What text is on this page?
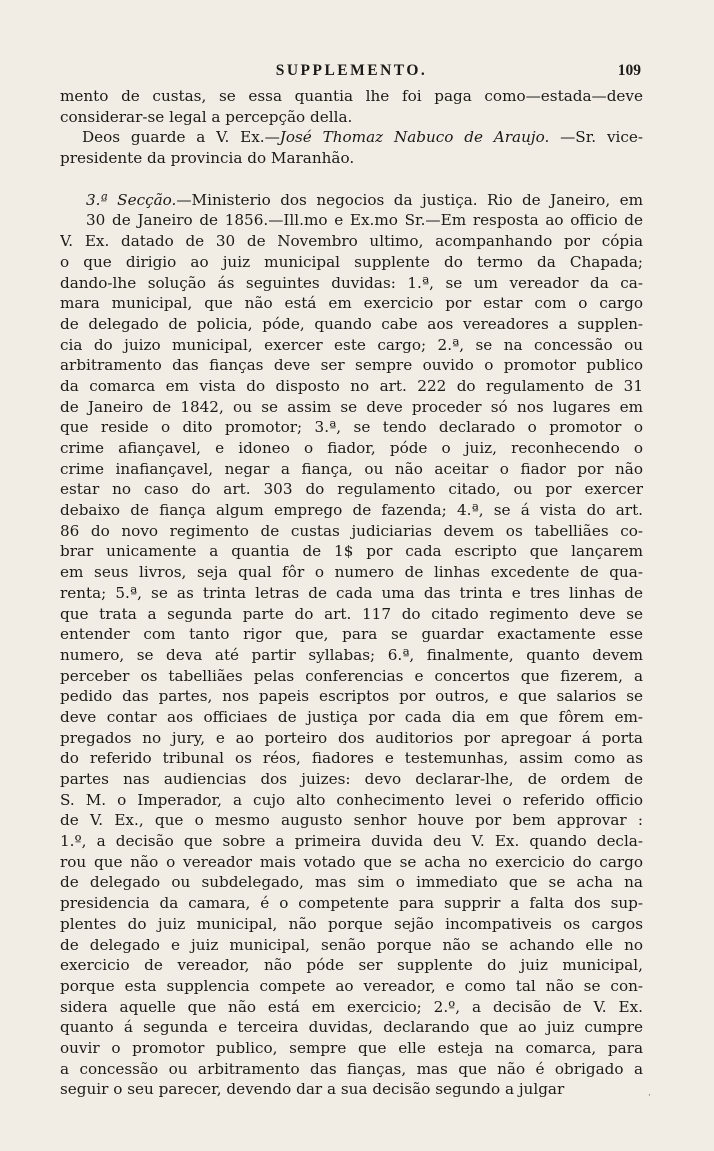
SUPPLEMENTO.	109
mento de custas, se essa quantia lhe foi paga como—estada—deve
considerar-se legal a percepção della.
Deos guarde a V. Ex.—José Thomaz Nabuco de Araujo. —Sr. vice-
presidente da provincia do Maranhão.
3.ª Secção.—Ministerio dos negocios da justiça. Rio de Janeiro, em
30 de Janeiro de 1856.—Ill.mo e Ex.mo Sr.—Em resposta ao officio de
V. Ex. datado de 30 de Novembro ultimo, acompanhando por cópia
o que dirigio ao juiz municipal supplente do termo da Chapada;
dando-lhe solução ás seguintes duvidas: 1.ª, se um vereador da ca-
mara municipal, que não está em exercicio por estar com o cargo
de delegado de policia, póde, quando cabe aos vereadores a supplen-
cia do juizo municipal, exercer este cargo; 2.ª, se na concessão ou
arbitramento das fianças deve ser sempre ouvido o promotor publico
da comarca em vista do disposto no art. 222 do regulamento de 31
de Janeiro de 1842, ou se assim se deve proceder só nos lugares em
que reside o dito promotor; 3.ª, se tendo declarado o promotor o
crime afiançavel, e idoneo o fiador, póde o juiz, reconhecendo o
crime inafiançavel, negar a fiança, ou não aceitar o fiador por não
estar no caso do art. 303 do regulamento citado, ou por exercer
debaixo de fiança algum emprego de fazenda; 4.ª, se á vista do art.
86 do novo regimento de custas judiciarias devem os tabelliães co-
brar unicamente a quantia de 1$ por cada escripto que lançarem
em seus livros, seja qual fôr o numero de linhas excedente de qua-
renta; 5.ª, se as trinta letras de cada uma das trinta e tres linhas de
que trata a segunda parte do art. 117 do citado regimento deve se
entender com tanto rigor que, para se guardar exactamente esse
numero, se deva até partir syllabas; 6.ª, finalmente, quanto devem
perceber os tabelliães pelas conferencias e concertos que fizerem, a
pedido das partes, nos papeis escriptos por outros, e que salarios se
deve contar aos officiaes de justiça por cada dia em que fôrem em-
pregados no jury, e ao porteiro dos auditorios por apregoar á porta
do referido tribunal os réos, fiadores e testemunhas, assim como as
partes nas audiencias dos juizes: devo declarar-lhe, de ordem de
S. M. o Imperador, a cujo alto conhecimento levei o referido officio
de V. Ex., que o mesmo augusto senhor houve por bem approvar :
1.º, a decisão que sobre a primeira duvida deu V. Ex. quando decla-
rou que não o vereador mais votado que se acha no exercicio do cargo
de delegado ou subdelegado, mas sim o immediato que se acha na
presidencia da camara, é o competente para supprir a falta dos sup-
plentes do juiz municipal, não porque sejão incompativeis os cargos
de delegado e juiz municipal, senão porque não se achando elle no
exercicio de vereador, não póde ser supplente do juiz municipal,
porque esta supplencia compete ao vereador, e como tal não se con-
sidera aquelle que não está em exercicio; 2.º, a decisão de V. Ex.
quanto á segunda e terceira duvidas, declarando que ao juiz cumpre
ouvir o promotor publico, sempre que elle esteja na comarca, para
a concessão ou arbitramento das fianças, mas que não é obrigado a
seguir o seu parecer, devendo dar a sua decisão segundo a julgar	·
